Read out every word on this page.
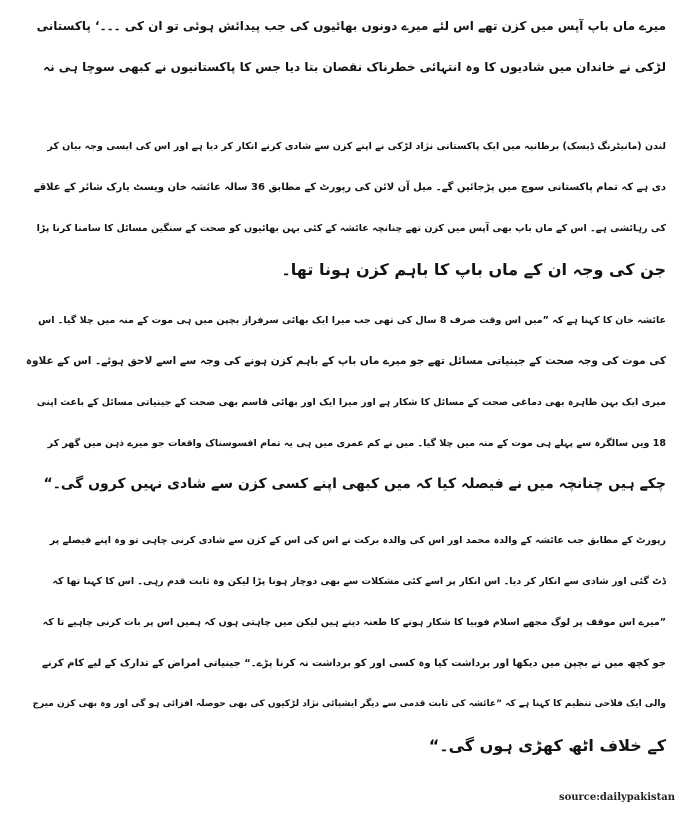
میرے ماں باپ آپس میں کزن تھے اس لئے میرے دونوں بھائیوں کی جب پیدائش ہوئی تو ان کی ۔۔۔‘ پاکستانی
لڑکی نے خاندان میں شادیوں کا وہ انتہائی خطرناک نقصان بتا دیا جس کا پاکستانیوں نے کبھی سوچا ہی نہ
لندن (مانیٹرنگ ڈیسک) برطانیہ میں ایک پاکستانی نژاد لڑکی نے اپنے کزن سے شادی کرنے انکار کر دیا ہے اور اس کی ایسی وجہ بیان کر
دی ہے کہ تمام پاکستانی سوچ میں پڑجائیں گے۔ میل آن لائن کی رپورٹ کے مطابق 36 سالہ عائشہ خان ویسٹ یارک شائر کے علاقے
کی رہائشی ہے۔ اس کے ماں باپ بھی آپس میں کزن تھے چنانچہ عائشہ کے کئی بہن بھائیوں کو صحت کے سنگین مسائل کا سامنا کرنا پڑا
جن کی وجہ ان کے ماں باپ کا باہم کزن ہونا تھا۔
عائشہ خان کا کہنا ہے کہ ”میں اس وقت صرف 8 سال کی تھی جب میرا ایک بھائی سرفراز بچپن میں ہی موت کے منہ میں چلا گیا۔ اس
کی موت کی وجہ صحت کے جینیاتی مسائل تھے جو میرے ماں باپ کے باہم کزن ہونے کی وجہ سے اسے لاحق ہوئے۔ اس کے علاوہ
میری ایک بہن طاہرہ بھی دماغی صحت کے مسائل کا شکار ہے اور میرا ایک اور بھائی قاسم بھی صحت کے جینیاتی مسائل کے باعث اپنی
18 ویں سالگرہ سے پہلے ہی موت کے منہ میں چلا گیا۔ میں نے کم عمری میں ہی یہ تمام افسوسناک واقعات جو میرے ذہن میں گھر کر
چکے ہیں چنانچہ میں نے فیصلہ کیا کہ میں کبھی اپنے کسی کزن سے شادی نہیں کروں گی۔“
رپورٹ کے مطابق جب عائشہ کے والدہ محمد اور اس کی والدہ برکت نے اس کی اس کے کزن سے شادی کرنی چاہی تو وہ اپنے فیصلے پر
ڈٹ گئی اور شادی سے انکار کر دیا۔ اس انکار پر اسے کئی مشکلات سے بھی دوچار ہونا پڑا لیکن وہ ثابت قدم رہی۔ اس کا کہنا تھا کہ
”میرے اس موقف پر لوگ مجھے اسلام فوبیا کا شکار ہونے کا طعنہ دیتے ہیں لیکن میں چاہتی ہوں کہ ہمیں اس پر بات کرنی چاہیے تا کہ
جو کچھ میں نے بچپن میں دیکھا اور برداشت کیا وہ کسی اور کو برداشت نہ کرنا پڑے۔“ جینیاتی امراض کے تدارک کے لیے کام کرنے
والی ایک فلاحی تنظیم کا کہنا ہے کہ ”عائشہ کی ثابت قدمی سے دیگر ایشیائی نژاد لڑکیوں کی بھی حوصلہ افزائی ہو گی اور وہ بھی کزن میرج
کے خلاف اٹھ کھڑی ہوں گی۔“
source:dailypakistan
